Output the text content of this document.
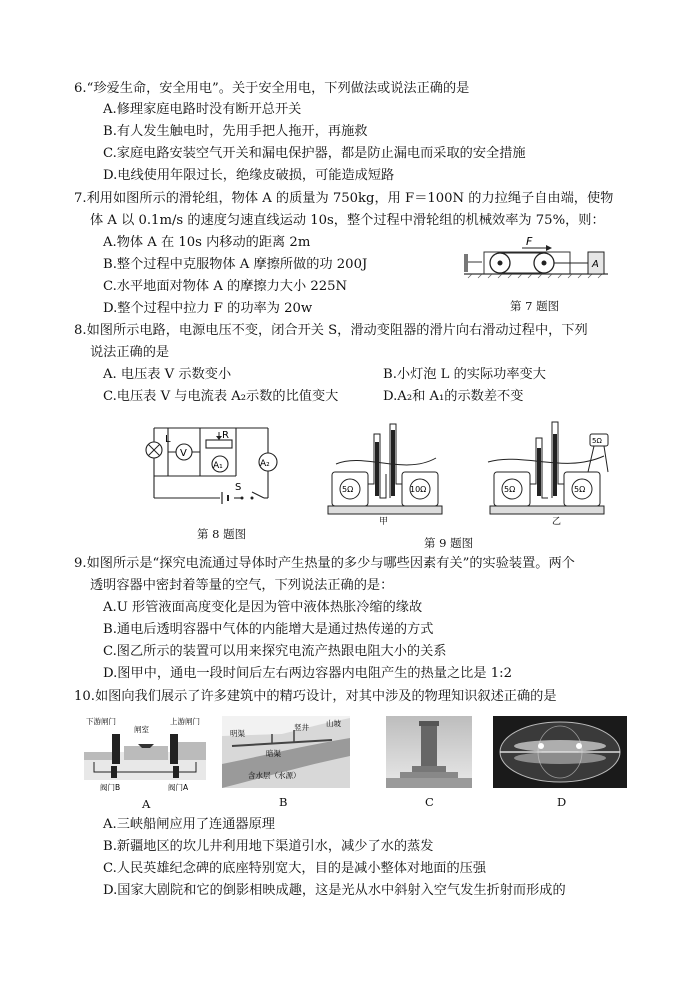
6.“珍爱生命，安全用电”。关于安全用电，下列做法或说法正确的是
A.修理家庭电路时没有断开总开关
B.有人发生触电时，先用手把人拖开，再施救
C.家庭电路安装空气开关和漏电保护器，都是防止漏电而采取的安全措施
D.电线使用年限过长，绝缘皮破损，可能造成短路
7.利用如图所示的滑轮组，物体 A 的质量为 750kg，用 F＝100N 的力拉绳子自由端，使物
体 A 以 0.1m/s 的速度匀速直线运动 10s，整个过程中滑轮组的机械效率为 75%，则：
A.物体 A 在 10s 内移动的距离 2m
B.整个过程中克服物体 A 摩擦所做的功 200J
C.水平地面对物体 A 的摩擦力大小 225N
D.整个过程中拉力 F 的功率为 20w
F
A
第 7 题图
8.如图所示电路，电源电压不变，闭合开关 S，滑动变阻器的滑片向右滑动过程中，下列
说法正确的是
A. 电压表 V 示数变小	B.小灯泡 L 的实际功率变大
C.电压表 V 与电流表 A₂示数的比值变大	D.A₂和 A₁的示数差不变
L
V
R
A₁	A₂
S
第 8 题图
5Ω	10Ω
甲
5Ω	5Ω
5Ω
乙
第 9 题图
9.如图所示是“探究电流通过导体时产生热量的多少与哪些因素有关”的实验装置。两个
透明容器中密封着等量的空气，下列说法正确的是：
A.U 形管液面高度变化是因为管中液体热胀冷缩的缘故
B.通电后透明容器中气体的内能增大是通过热传递的方式
C.图乙所示的装置可以用来探究电流产热跟电阻大小的关系
D.图甲中，通电一段时间后左右两边容器内电阻产生的热量之比是 1:2
10.如图向我们展示了许多建筑中的精巧设计，对其中涉及的物理知识叙述正确的是
下游闸门
闸室
上游闸门
阀门B	阀门A
A
明渠
暗渠
竖井 山坡
含水层（水源）
B	C	D
A.三峡船闸应用了连通器原理
B.新疆地区的坎儿井利用地下渠道引水，减少了水的蒸发
C.人民英雄纪念碑的底座特别宽大，目的是减小整体对地面的压强
D.国家大剧院和它的倒影相映成趣，这是光从水中斜射入空气发生折射而形成的
